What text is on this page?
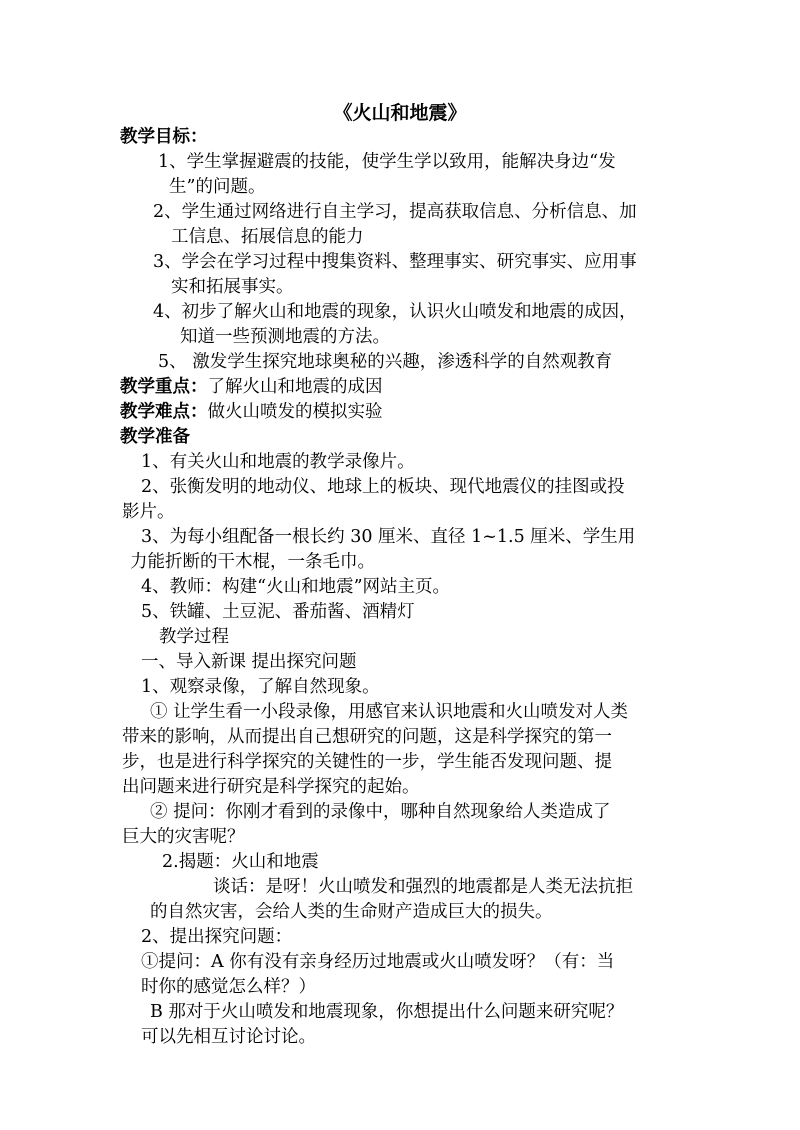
《火山和地震》
教学目标：
1、学生掌握避震的技能，使学生学以致用，能解决身边“发
生”的问题。
2、学生通过网络进行自主学习，提高获取信息、分析信息、加
工信息、拓展信息的能力
3、学会在学习过程中搜集资料、整理事实、研究事实、应用事
实和拓展事实。
4、初步了解火山和地震的现象，认识火山喷发和地震的成因，
知道一些预测地震的方法。
5、 激发学生探究地球奥秘的兴趣，渗透科学的自然观教育
教学重点：了解火山和地震的成因
教学难点：做火山喷发的模拟实验
教学准备
1、有关火山和地震的教学录像片。
2、张衡发明的地动仪、地球上的板块、现代地震仪的挂图或投
影片。
3、为每小组配备一根长约 30 厘米、直径 1~1.5 厘米、学生用
力能折断的干木棍，一条毛巾。
4、教师：构建“火山和地震”网站主页。
5、铁罐、土豆泥、番茄酱、酒精灯
教学过程
一、导入新课 提出探究问题
1、观察录像，了解自然现象。
① 让学生看一小段录像，用感官来认识地震和火山喷发对人类
带来的影响，从而提出自己想研究的问题，这是科学探究的第一
步，也是进行科学探究的关键性的一步，学生能否发现问题、提
出问题来进行研究是科学探究的起始。
② 提问：你刚才看到的录像中，哪种自然现象给人类造成了
巨大的灾害呢？
2.揭题：火山和地震
谈话：是呀！火山喷发和强烈的地震都是人类无法抗拒
的自然灾害，会给人类的生命财产造成巨大的损失。
2、提出探究问题：
①提问：A 你有没有亲身经历过地震或火山喷发呀？（有：当
时你的感觉怎么样？）
B 那对于火山喷发和地震现象，你想提出什么问题来研究呢？
可以先相互讨论讨论。
